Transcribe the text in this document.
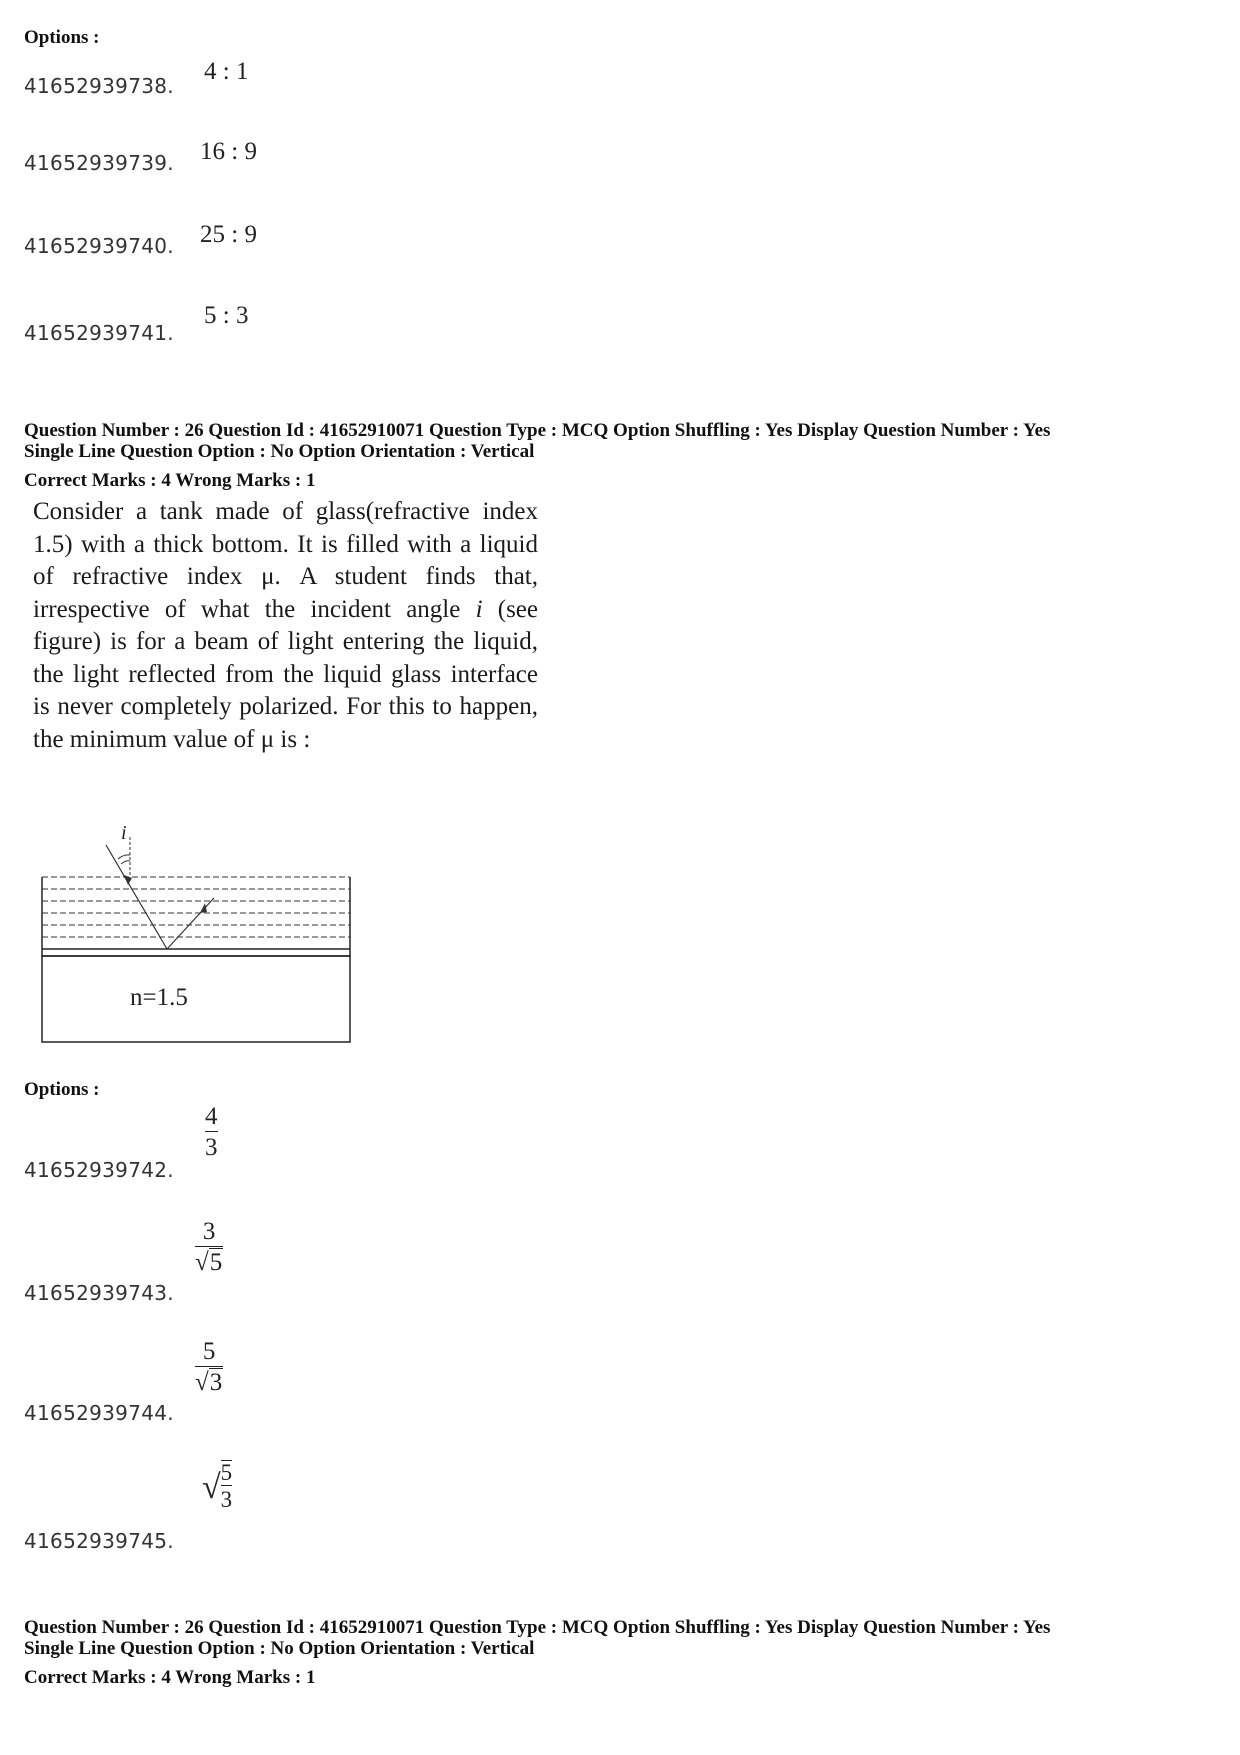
Options :
41652939738.
4 : 1
41652939739. 16 : 9
41652939740. 25 : 9
41652939741.
5 : 3
Question Number : 26 Question Id : 41652910071 Question Type : MCQ Option Shuffling : Yes Display Question Number : Yes
Single Line Question Option : No Option Orientation : Vertical
Correct Marks : 4 Wrong Marks : 1
Consider a tank made of glass(refractive index 1.5) with a thick bottom. It is filled with a liquid of refractive index μ. A student finds that, irrespective of what the incident angle i (see figure) is for a beam of light entering the liquid, the light reflected from the liquid glass interface is never completely polarized. For this to happen, the minimum value of μ is :
i
n=1.5
Options :
41652939742.
$\frac{4}{3}$
41652939743.
$\frac{3}{√5}$
41652939744.
$\frac{5}{√3}$
41652939745.
√ $\frac{5}{3}$
Question Number : 26 Question Id : 41652910071 Question Type : MCQ Option Shuffling : Yes Display Question Number : Yes
Single Line Question Option : No Option Orientation : Vertical
Correct Marks : 4 Wrong Marks : 1
